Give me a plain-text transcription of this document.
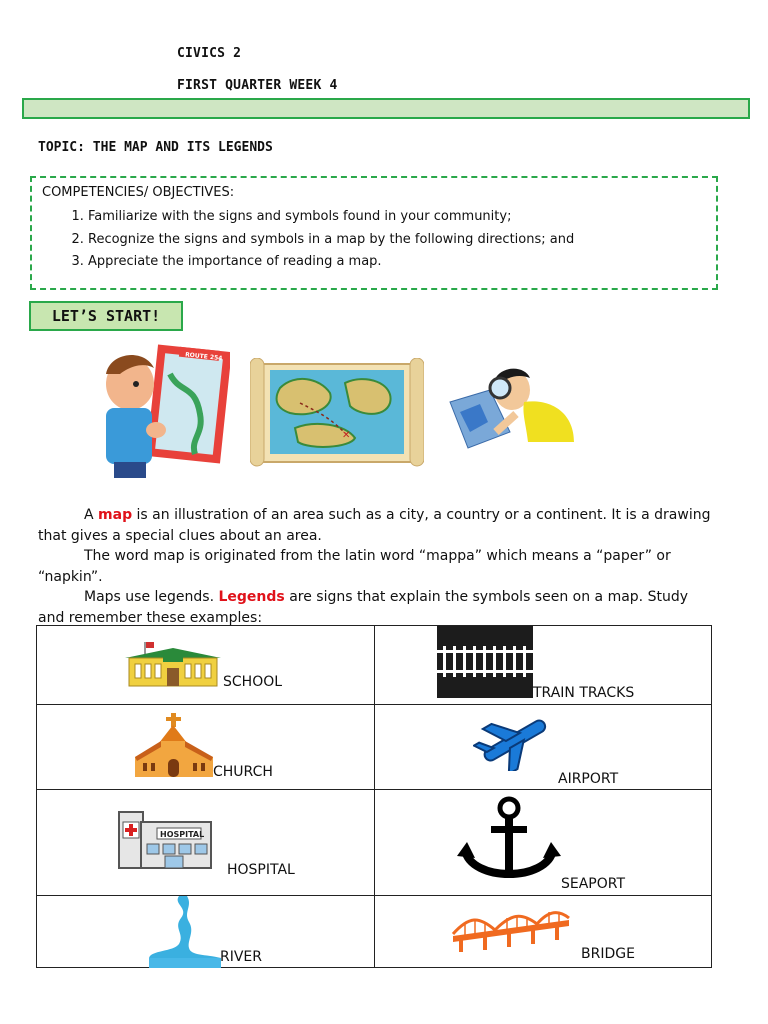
CIVICS 2
FIRST QUARTER WEEK 4
TOPIC: THE MAP AND ITS LEGENDS
COMPETENCIES/ OBJECTIVES:
1. Familiarize with the signs and symbols found in your community;
2. Recognize the signs and symbols in a map by the following directions; and
3. Appreciate the importance of reading a map.
LET’S START!
ROUTE 254
✕

A map is an illustration of an area such as a city, a country or a continent. It is a drawing that gives a special clues about an area.

The word map is originated from the latin word “mappa” which means a “paper” or “napkin”.

Maps use legends. Legends are signs that explain the symbols seen on a map. Study and remember these examples:

SCHOOL	TRAIN TRACKS

CHURCH	AIRPORT

HOSPITAL
HOSPITAL	SEAPORT

RIVER	BRIDGE
